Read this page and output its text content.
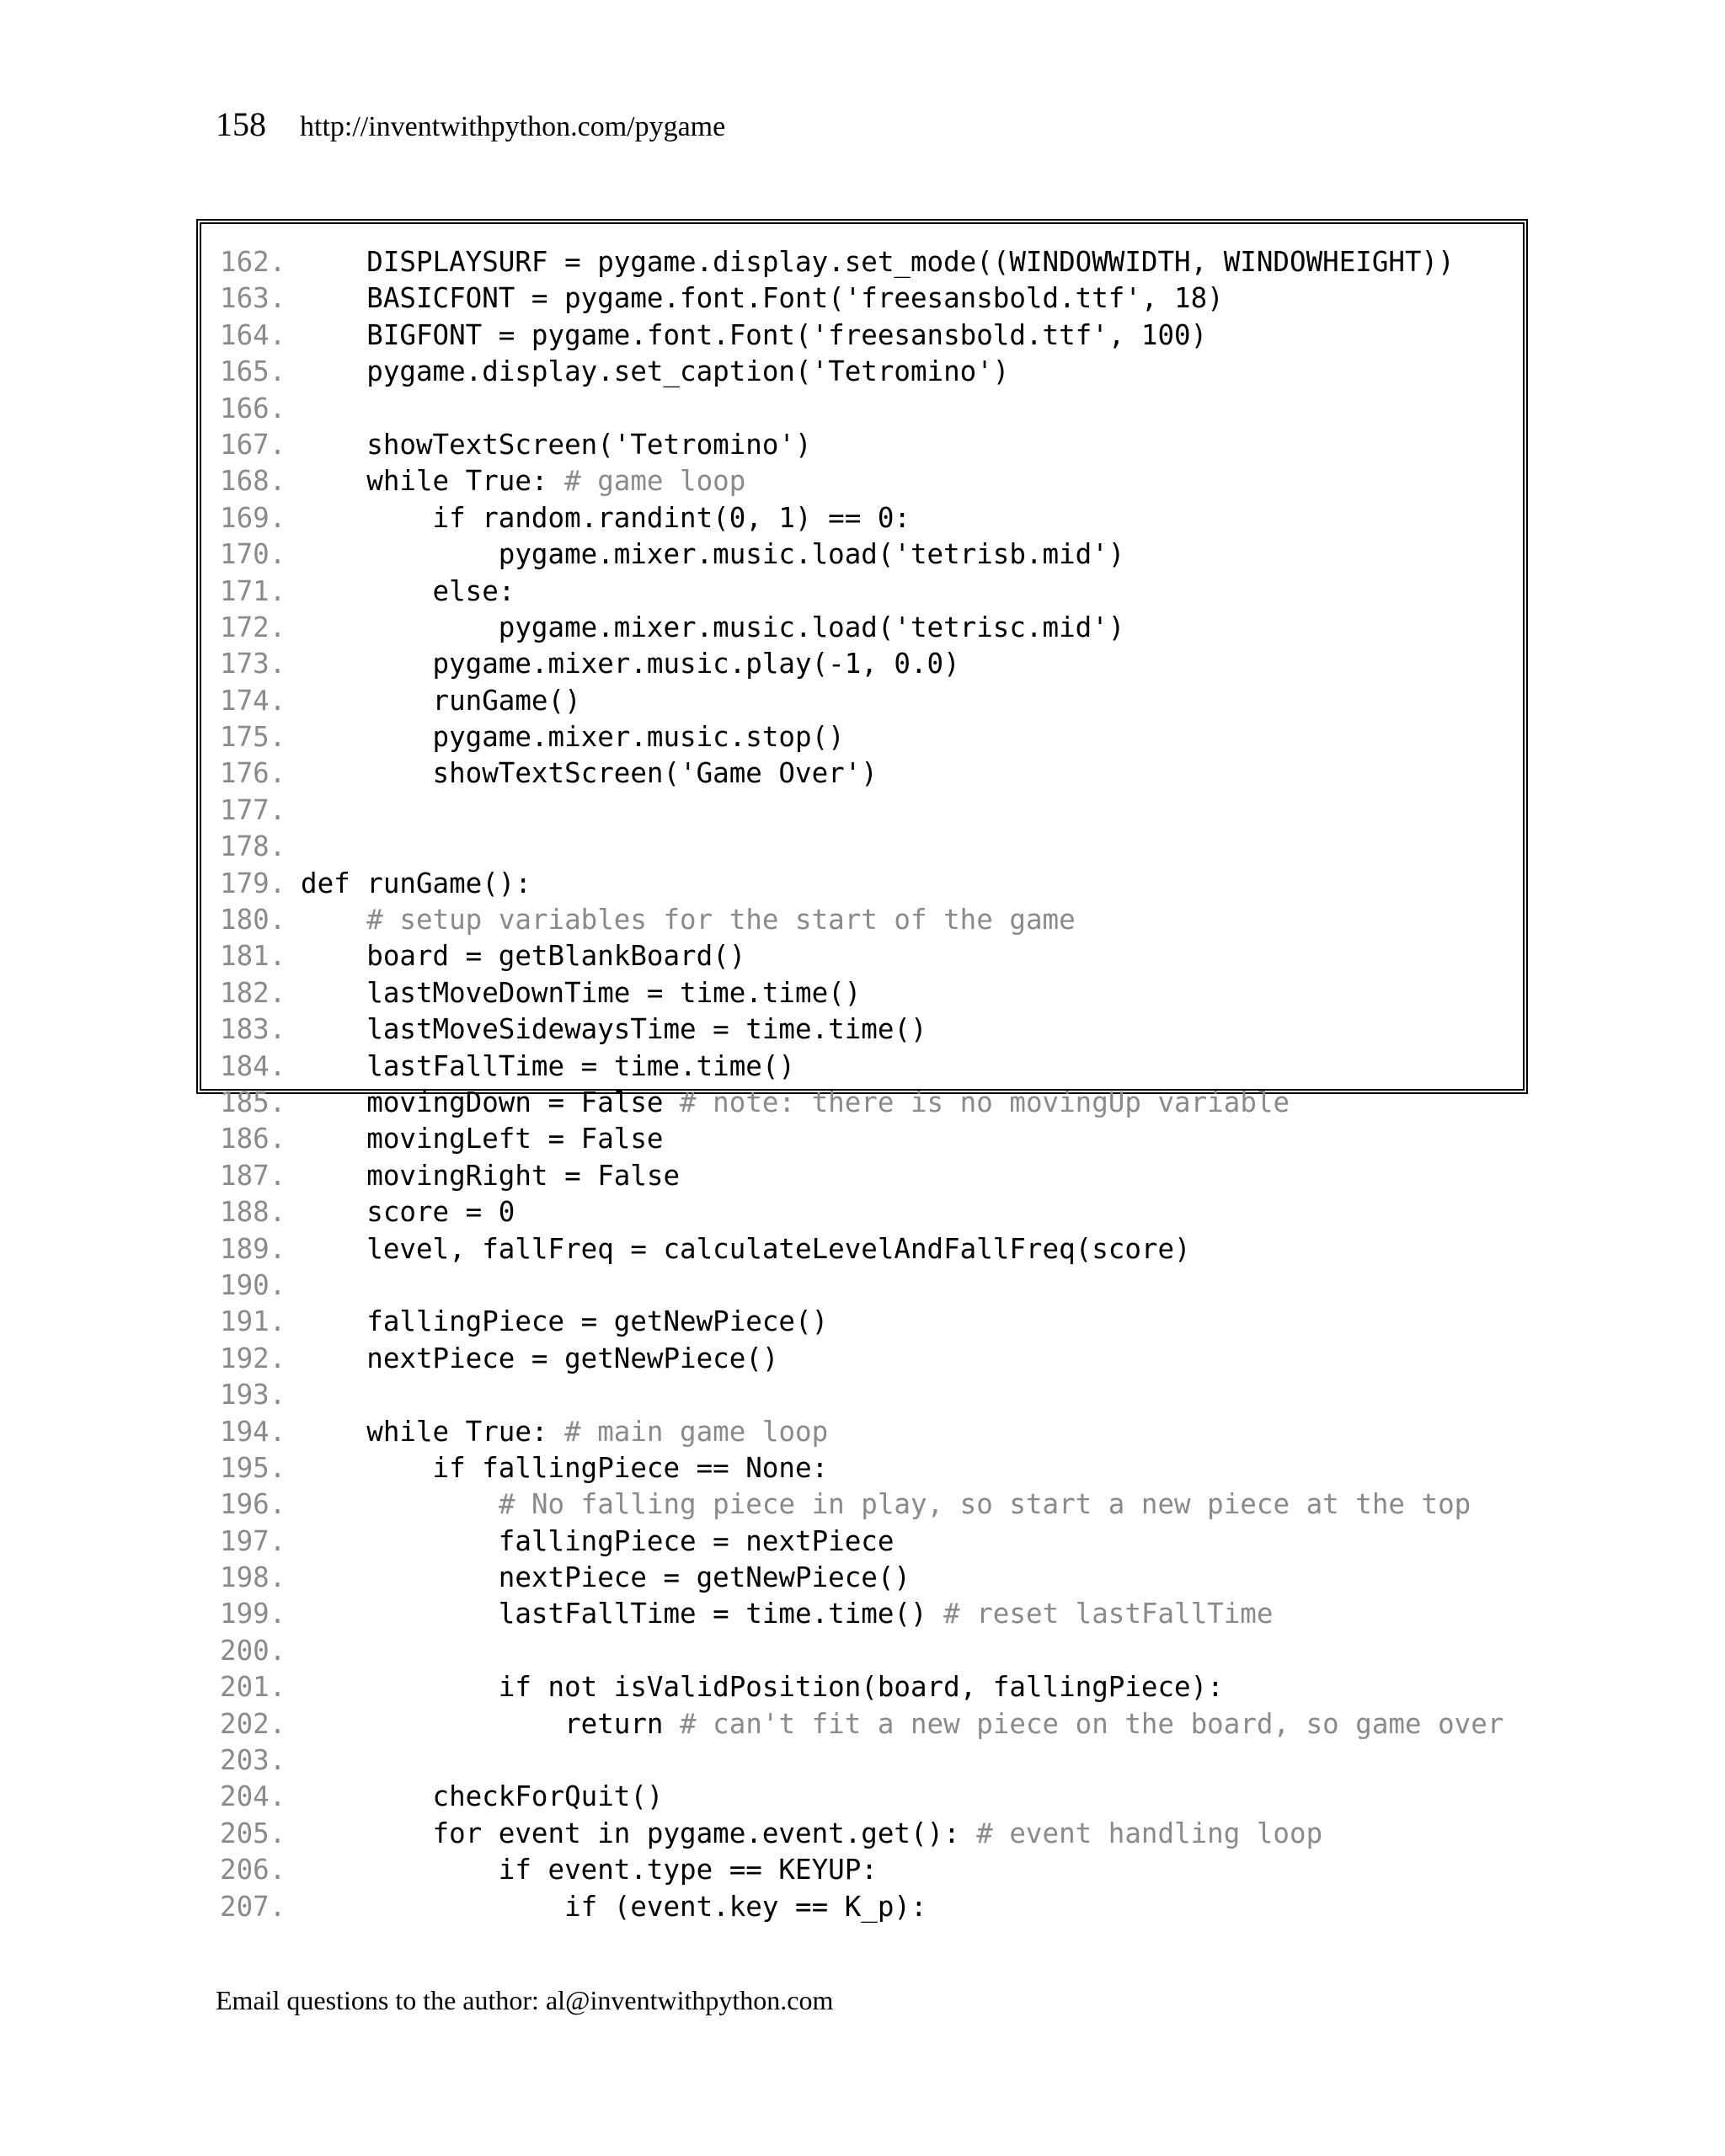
158 http://inventwithpython.com/pygame
162.    DISPLAYSURF = pygame.display.set_mode((WINDOWWIDTH, WINDOWHEIGHT))
163.    BASICFONT = pygame.font.Font('freesansbold.ttf', 18)
164.    BIGFONT = pygame.font.Font('freesansbold.ttf', 100)
165.    pygame.display.set_caption('Tetromino')
166.
167.    showTextScreen('Tetromino')
168.    while True: # game loop
169.        if random.randint(0, 1) == 0:
170.            pygame.mixer.music.load('tetrisb.mid')
171.        else:
172.            pygame.mixer.music.load('tetrisc.mid')
173.        pygame.mixer.music.play(-1, 0.0)
174.        runGame()
175.        pygame.mixer.music.stop()
176.        showTextScreen('Game Over')
177.
178.
179. def runGame():
180.	# setup variables for the start of the game
181.    board = getBlankBoard()
182.    lastMoveDownTime = time.time()
183.    lastMoveSidewaysTime = time.time()
184.    lastFallTime = time.time()
185.    movingDown = False # note: there is no movingUp variable
186.    movingLeft = False
187.    movingRight = False
188.    score = 0
189.    level, fallFreq = calculateLevelAndFallFreq(score)
190.
191.    fallingPiece = getNewPiece()
192.    nextPiece = getNewPiece()
193.
194.    while True: # main game loop
195.        if fallingPiece == None:
196.	# No falling piece in play, so start a new piece at the top
197.            fallingPiece = nextPiece
198.            nextPiece = getNewPiece()
199.            lastFallTime = time.time() # reset lastFallTime
200.
201.            if not isValidPosition(board, fallingPiece):
202.                return # can't fit a new piece on the board, so game over
203.
204.        checkForQuit()
205.        for event in pygame.event.get(): # event handling loop
206.            if event.type == KEYUP:
207.                if (event.key == K_p):
Email questions to the author: al@inventwithpython.com
